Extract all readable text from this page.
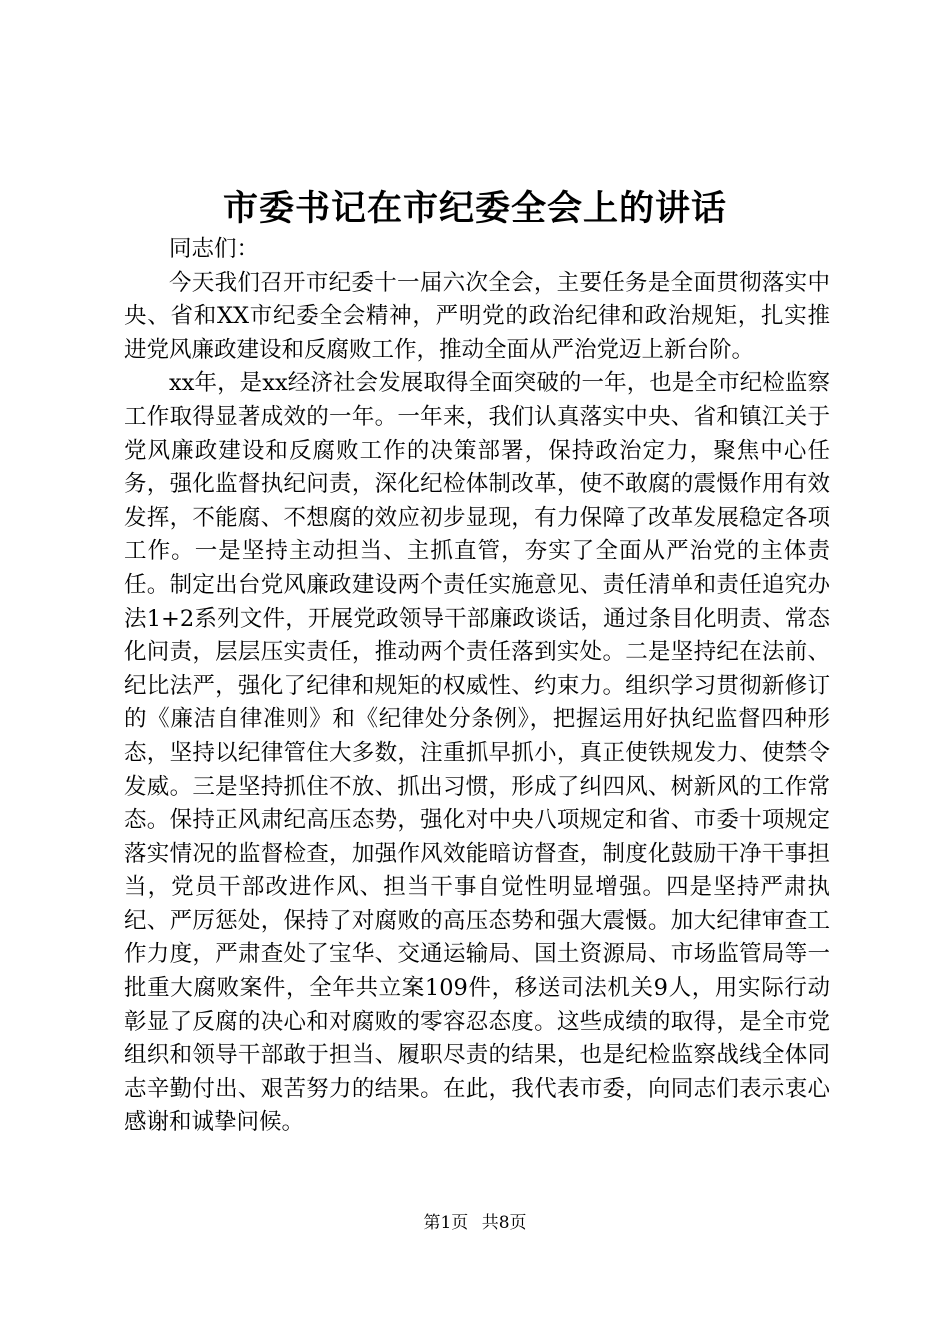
市委书记在市纪委全会上的讲话

同志们：

今天我们召开市纪委十一届六次全会，主要任务是全面贯彻落实中央、省和XX市纪委全会精神，严明党的政治纪律和政治规矩，扎实推进党风廉政建设和反腐败工作，推动全面从严治党迈上新台阶。

xx年，是xx经济社会发展取得全面突破的一年，也是全市纪检监察工作取得显著成效的一年。一年来，我们认真落实中央、省和镇江关于党风廉政建设和反腐败工作的决策部署，保持政治定力，聚焦中心任务，强化监督执纪问责，深化纪检体制改革，使不敢腐的震慑作用有效发挥，不能腐、不想腐的效应初步显现，有力保障了改革发展稳定各项工作。一是坚持主动担当、主抓直管，夯实了全面从严治党的主体责任。制定出台党风廉政建设两个责任实施意见、责任清单和责任追究办法1+2系列文件，开展党政领导干部廉政谈话，通过条目化明责、常态化问责，层层压实责任，推动两个责任落到实处。二是坚持纪在法前、纪比法严，强化了纪律和规矩的权威性、约束力。组织学习贯彻新修订的《廉洁自律准则》和《纪律处分条例》，把握运用好执纪监督四种形态，坚持以纪律管住大多数，注重抓早抓小，真正使铁规发力、使禁令发威。三是坚持抓住不放、抓出习惯，形成了纠四风、树新风的工作常态。保持正风肃纪高压态势，强化对中央八项规定和省、市委十项规定落实情况的监督检查，加强作风效能暗访督查，制度化鼓励干净干事担当，党员干部改进作风、担当干事自觉性明显增强。四是坚持严肃执纪、严厉惩处，保持了对腐败的高压态势和强大震慑。加大纪律审查工作力度，严肃查处了宝华、交通运输局、国土资源局、市场监管局等一批重大腐败案件，全年共立案109件，移送司法机关9人，用实际行动彰显了反腐的决心和对腐败的零容忍态度。这些成绩的取得，是全市党组织和领导干部敢于担当、履职尽责的结果，也是纪检监察战线全体同志辛勤付出、艰苦努力的结果。在此，我代表市委，向同志们表示衷心感谢和诚挚问候。

第1页 共8页
